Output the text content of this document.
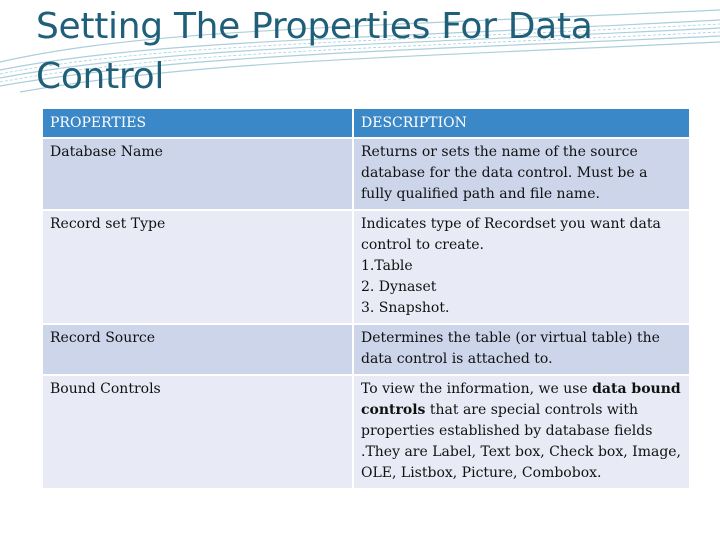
Setting The Properties For Data Control
PROPERTIES	DESCRIPTION
Database Name	Returns or sets the name of the source database for the data control. Must be a fully qualified path and file name.
Record set Type	Indicates type of Recordset you want data control to create.
1.Table
2. Dynaset
3. Snapshot.

Record Source	Determines the table (or virtual table) the data control is attached to.
Bound Controls	To view the information, we use data bound controls that are special controls with properties established by database fields .They are Label, Text box, Check box, Image, OLE, Listbox, Picture, Combobox.
